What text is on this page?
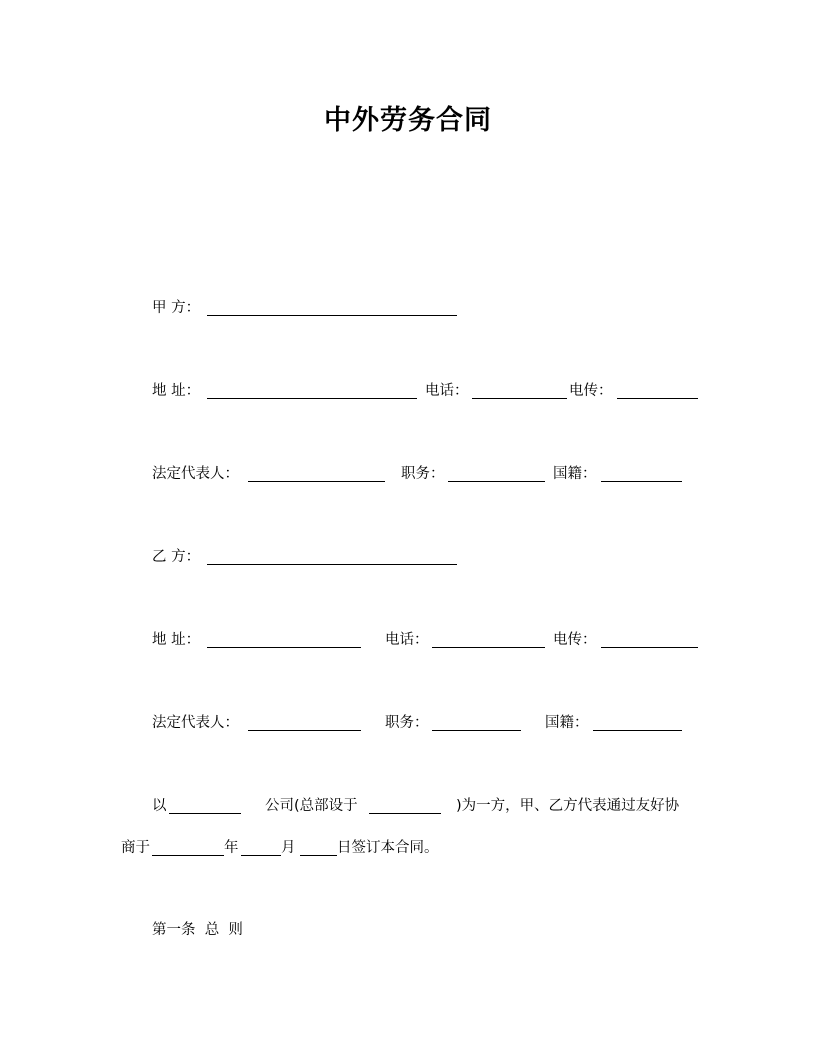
中外劳务合同
甲 方：
地 址：	电话：	电传：
法定代表人：	职务：	国籍：
乙 方：
地 址：	电话：	电传：
法定代表人：	职务：	国籍：
以	公司(总部设于	)为一方，甲、乙方代表通过友好协
商于	年	月	日签订本合同。
第一条  总  则
